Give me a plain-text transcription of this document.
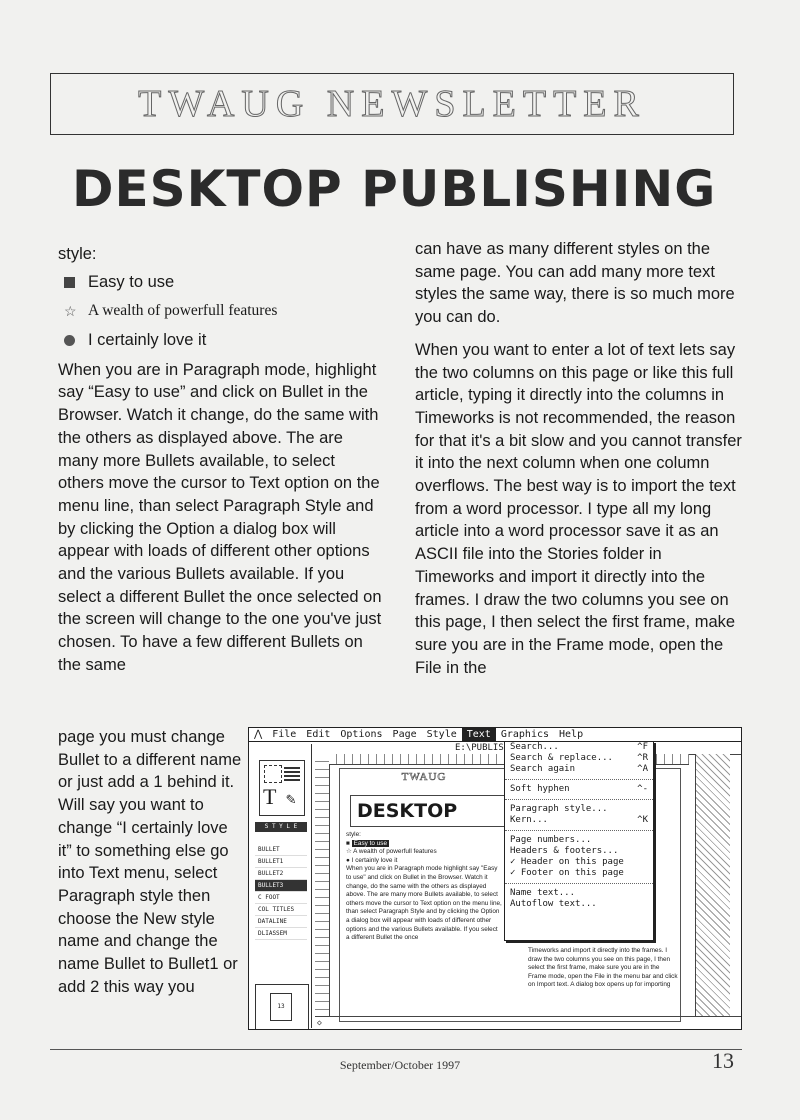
TWAUG NEWSLETTER
DESKTOP PUBLISHING

style:

Easy to use
☆ A wealth of powerfull features
I certainly love it

When you are in Paragraph mode, highlight say “Easy to use” and click on Bullet in the Browser. Watch it change, do the same with the others as displayed above. The are many more Bullets available, to select others move the cursor to Text option on the menu line, than select Paragraph Style and by clicking the Option a dialog box will appear with loads of different other options and the various Bullets available. If you select a different Bullet the once selected on the screen will change to the one you've just chosen. To have a few different Bullets on the same

page you must change Bullet to a different name or just add a 1 behind it. Will say you want to change “I certainly love it” to something else go into Text menu, select Paragraph style then choose the New style name and change the name Bullet to Bullet1 or add 2 this way you

can have as many different styles on the same page. You can add many more text styles the same way, there is so much more you can do.

When you want to enter a lot of text lets say the two columns on this page or like this full article, typing it directly into the columns in Timeworks is not recommended, the reason for that it's a bit slow and you cannot transfer it into the next column when one column overflows. The best way is to import the text from a word processor. I type all my long article into a word processor save it as an ASCII file into the Stories folder in Timeworks and import it directly into the frames. I draw the two columns you see on this page, I then select the first frame, make sure you are in the Frame mode, open the File in the

⋀	File	Edit	Options	Page	Style	Text	Graphics	Help
T ✎
S T Y L E
BULLET
BULLET1
BULLET2
BULLET3
C FOOT
COL TITLES
DATALINE
DLIASSEM
13
E:\PUBLIS
TWAUG
DESKTOP
style:
■ Easy to use
☆ A wealth of powerfull features
● I certainly love it
When you are in Paragraph mode highlight say "Easy to use" and click on Bullet in the Browser. Watch it change, do the same with the others as displayed above. The are many more Bullets available, to select others move the cursor to Text option on the menu line, than select Paragraph Style and by clicking the Option a dialog box will appear with loads of different other options and the various Bullets available. If you select a different Bullet the once
Timeworks and import it directly into the frames. I draw the two columns you see on this page, I then select the first frame, make sure you are in the Frame mode, open the File in the menu bar and click on Import text. A dialog box opens up for importing
◇
Search...	^F
Search & replace...	^R
Search again	^A
Soft hyphen	^-
Paragraph style...
Kern...	^K
Page numbers...
Headers & footers...
✓ Header on this page
✓ Footer on this page
Name text...
Autoflow text...
September/October 1997	13
